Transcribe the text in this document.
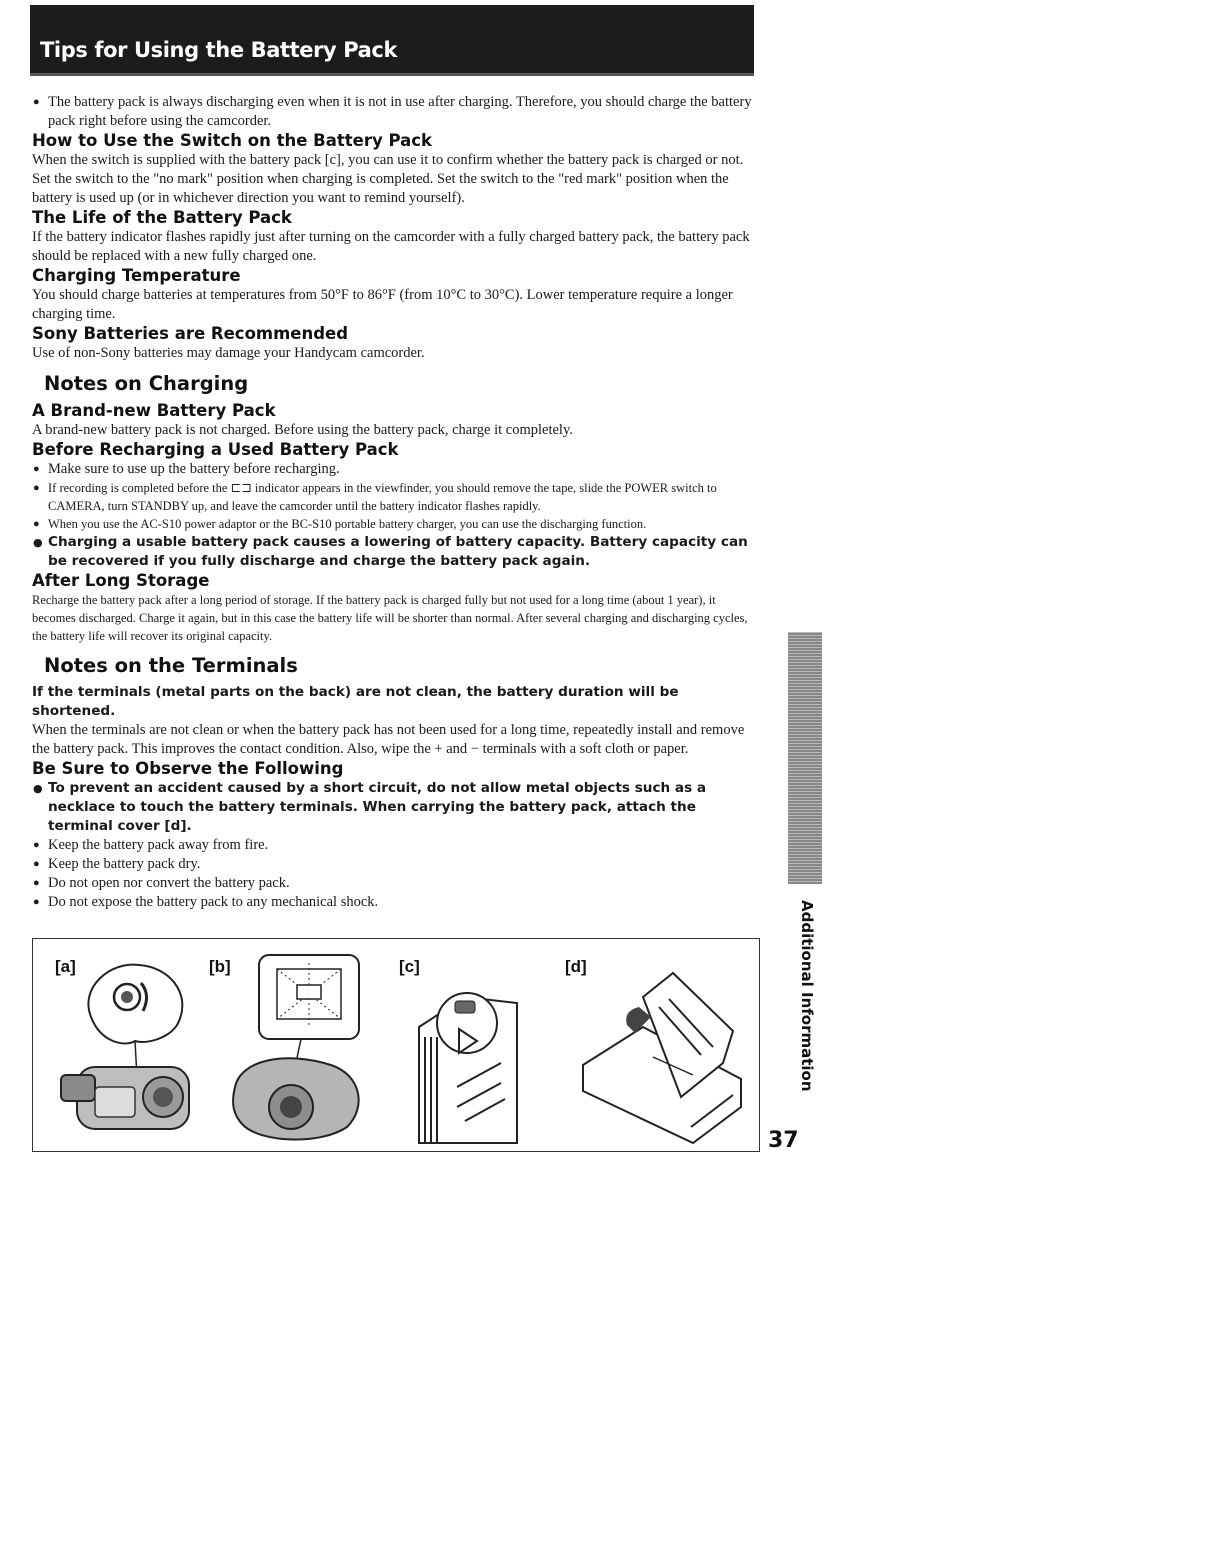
Tips for Using the Battery Pack
● The battery pack is always discharging even when it is not in use after charging. Therefore, you should charge the battery pack right before using the camcorder.
How to Use the Switch on the Battery Pack

When the switch is supplied with the battery pack [c], you can use it to confirm whether the battery pack is charged or not. Set the switch to the "no mark" position when charging is completed. Set the switch to the "red mark" position when the battery is used up (or in whichever direction you want to remind yourself).

The Life of the Battery Pack

If the battery indicator flashes rapidly just after turning on the camcorder with a fully charged battery pack, the battery pack should be replaced with a new fully charged one.

Charging Temperature

You should charge batteries at temperatures from 50°F to 86°F (from 10°C to 30°C). Lower temperature require a longer charging time.

Sony Batteries are Recommended

Use of non-Sony batteries may damage your Handycam camcorder.

Notes on Charging
A Brand-new Battery Pack

A brand-new battery pack is not charged. Before using the battery pack, charge it completely.

Before Recharging a Used Battery Pack
● Make sure to use up the battery before recharging.
● If recording is completed before the ⊏⊐ indicator appears in the viewfinder, you should remove the tape, slide the POWER switch to CAMERA, turn STANDBY up, and leave the camcorder until the battery indicator flashes rapidly.
● When you use the AC-S10 power adaptor or the BC-S10 portable battery charger, you can use the discharging function.
● Charging a usable battery pack causes a lowering of battery capacity. Battery capacity can be recovered if you fully discharge and charge the battery pack again.
After Long Storage

Recharge the battery pack after a long period of storage. If the battery pack is charged fully but not used for a long time (about 1 year), it becomes discharged. Charge it again, but in this case the battery life will be shorter than normal. After several charging and discharging cycles, the battery life will recover its original capacity.

Notes on the Terminals
If the terminals (metal parts on the back) are not clean, the battery duration will be shortened.

When the terminals are not clean or when the battery pack has not been used for a long time, repeatedly install and remove the battery pack. This improves the contact condition. Also, wipe the + and − terminals with a soft cloth or paper.

Be Sure to Observe the Following
● To prevent an accident caused by a short circuit, do not allow metal objects such as a necklace to touch the battery terminals. When carrying the battery pack, attach the terminal cover [d].
● Keep the battery pack away from fire.
● Keep the battery pack dry.
● Do not open nor convert the battery pack.
● Do not expose the battery pack to any mechanical shock.
[a]	[b]	[c]	[d]	Additional Information
37
